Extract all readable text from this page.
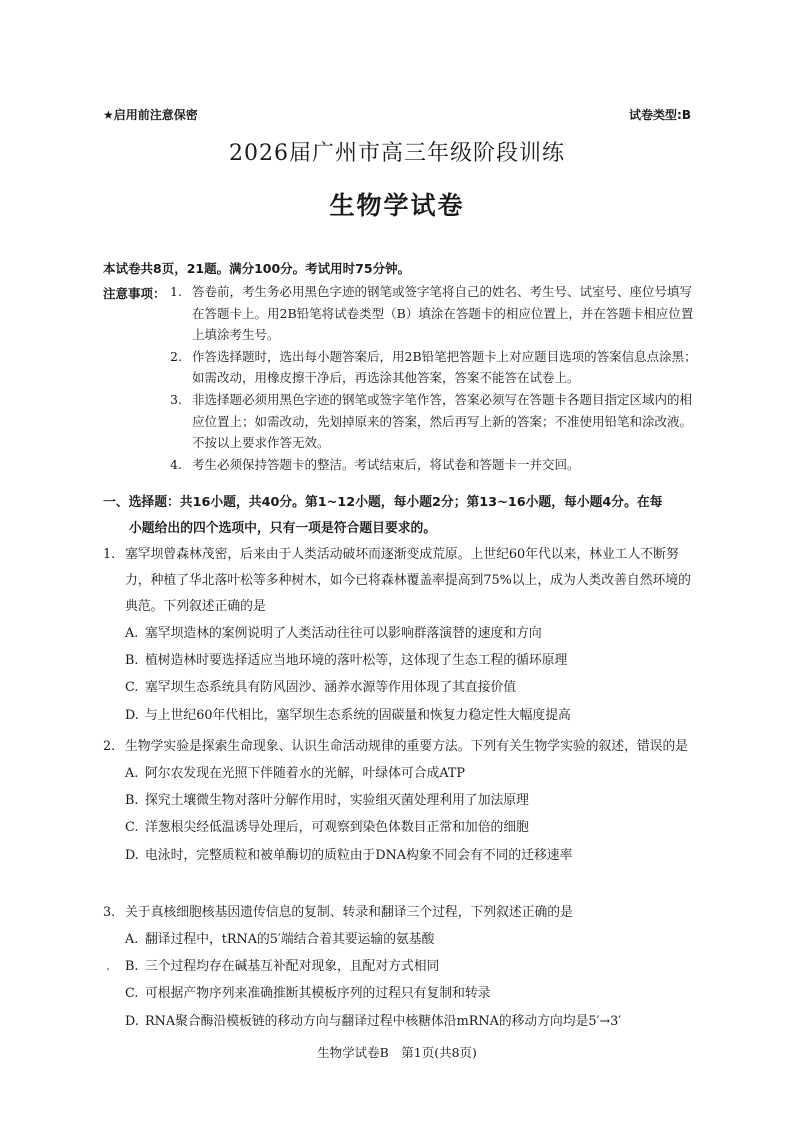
★启用前注意保密	试卷类型:B
2026届广州市高三年级阶段训练
生物学试卷
本试卷共8页，21题。满分100分。考试用时75分钟。
注意事项： 1. 答卷前，考生务必用黑色字迹的钢笔或签字笔将自己的姓名、考生号、试室号、座位号填写在答题卡上。用2B铅笔将试卷类型（B）填涂在答题卡的相应位置上，并在答题卡相应位置上填涂考生号。
2. 作答选择题时，选出每小题答案后，用2B铅笔把答题卡上对应题目选项的答案信息点涂黑；如需改动，用橡皮擦干净后，再选涂其他答案，答案不能答在试卷上。
3. 非选择题必须用黑色字迹的钢笔或签字笔作答，答案必须写在答题卡各题目指定区域内的相应位置上；如需改动，先划掉原来的答案，然后再写上新的答案；不准使用铅笔和涂改液。不按以上要求作答无效。
4. 考生必须保持答题卡的整洁。考试结束后，将试卷和答题卡一并交回。
一、选择题：共16小题，共40分。第1~12小题，每小题2分；第13~16小题，每小题4分。在每
小题给出的四个选项中，只有一项是符合题目要求的。
1. 塞罕坝曾森林茂密，后来由于人类活动破坏而逐渐变成荒原。上世纪60年代以来，林业工人不断努力，种植了华北落叶松等多种树木，如今已将森林覆盖率提高到75%以上，成为人类改善自然环境的典范。下列叙述正确的是
A. 塞罕坝造林的案例说明了人类活动往往可以影响群落演替的速度和方向
B. 植树造林时要选择适应当地环境的落叶松等，这体现了生态工程的循环原理
C. 塞罕坝生态系统具有防风固沙、涵养水源等作用体现了其直接价值
D. 与上世纪60年代相比，塞罕坝生态系统的固碳量和恢复力稳定性大幅度提高
2. 生物学实验是探索生命现象、认识生命活动规律的重要方法。下列有关生物学实验的叙述，错误的是
A. 阿尔农发现在光照下伴随着水的光解，叶绿体可合成ATP
B. 探究土壤微生物对落叶分解作用时，实验组灭菌处理利用了加法原理
C. 洋葱根尖经低温诱导处理后，可观察到染色体数目正常和加倍的细胞
D. 电泳时，完整质粒和被单酶切的质粒由于DNA构象不同会有不同的迁移速率
3. 关于真核细胞核基因遗传信息的复制、转录和翻译三个过程，下列叙述正确的是
A. 翻译过程中，tRNA的5′端结合着其要运输的氨基酸
B. 三个过程均存在碱基互补配对现象，且配对方式相同
C. 可根据产物序列来准确推断其模板序列的过程只有复制和转录
D. RNA聚合酶沿模板链的移动方向与翻译过程中核糖体沿mRNA的移动方向均是5′→3′
生物学试卷B　第1页(共8页)
